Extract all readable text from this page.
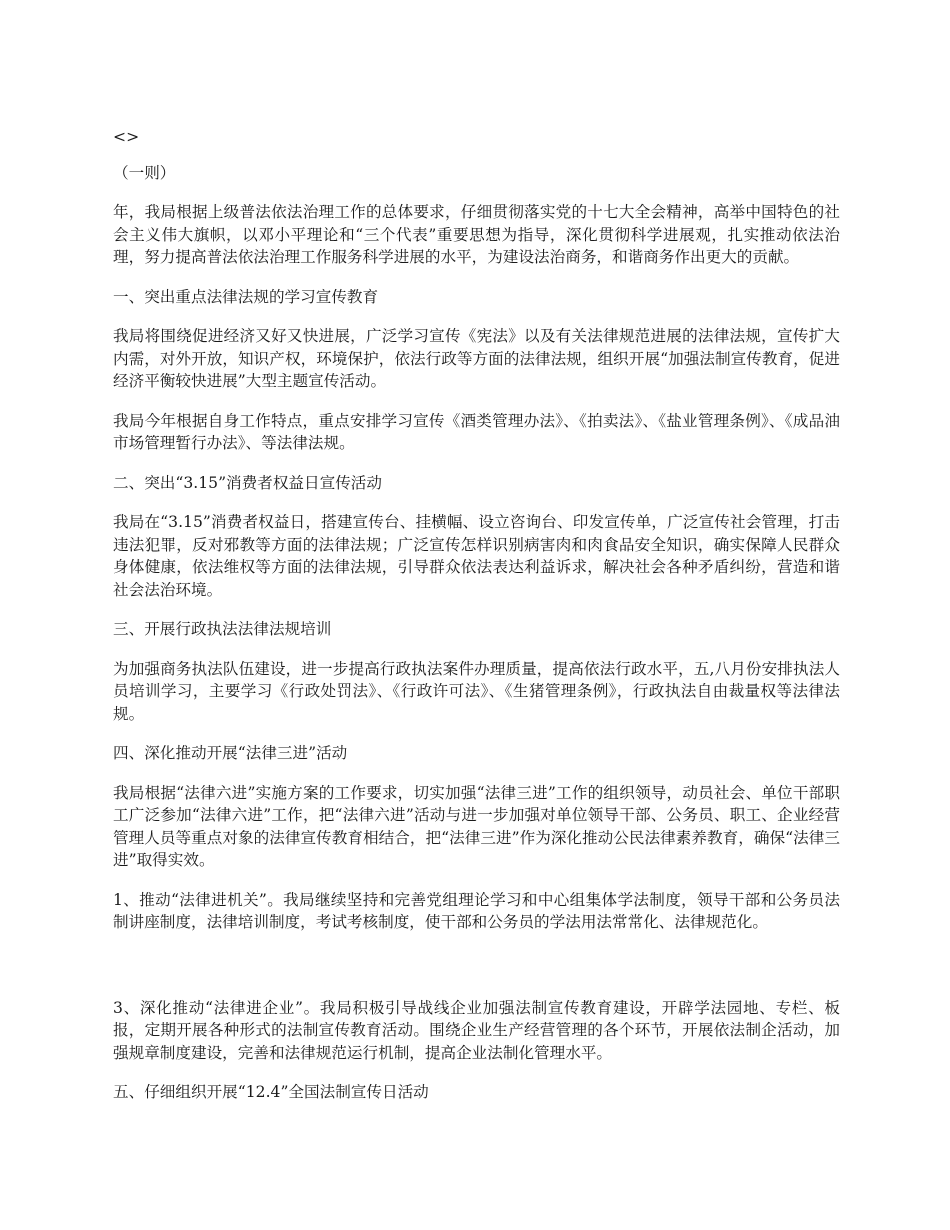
<>

（一则）

年，我局根据上级普法依法治理工作的总体要求，仔细贯彻落实党的十七大全会精神，高举中国特色的社会主义伟大旗帜，以邓小平理论和“三个代表”重要思想为指导，深化贯彻科学进展观，扎实推动依法治理，努力提高普法依法治理工作服务科学进展的水平，为建设法治商务，和谐商务作出更大的贡献。

一、突出重点法律法规的学习宣传教育

我局将围绕促进经济又好又快进展，广泛学习宣传《宪法》以及有关法律规范进展的法律法规，宣传扩大内需，对外开放，知识产权，环境保护，依法行政等方面的法律法规，组织开展“加强法制宣传教育，促进经济平衡较快进展”大型主题宣传活动。

我局今年根据自身工作特点，重点安排学习宣传《酒类管理办法》、《拍卖法》、《盐业管理条例》、《成品油市场管理暂行办法》、等法律法规。

二、突出“3.15”消费者权益日宣传活动

我局在“3.15”消费者权益日，搭建宣传台、挂横幅、设立咨询台、印发宣传单，广泛宣传社会管理，打击违法犯罪，反对邪教等方面的法律法规；广泛宣传怎样识别病害肉和肉食品安全知识，确实保障人民群众身体健康，依法维权等方面的法律法规，引导群众依法表达利益诉求，解决社会各种矛盾纠纷，营造和谐社会法治环境。

三、开展行政执法法律法规培训

为加强商务执法队伍建设，进一步提高行政执法案件办理质量，提高依法行政水平，五,八月份安排执法人员培训学习，主要学习《行政处罚法》、《行政许可法》、《生猪管理条例》，行政执法自由裁量权等法律法规。

四、深化推动开展“法律三进”活动

我局根据“法律六进”实施方案的工作要求，切实加强“法律三进”工作的组织领导，动员社会、单位干部职工广泛参加“法律六进”工作，把“法律六进”活动与进一步加强对单位领导干部、公务员、职工、企业经营管理人员等重点对象的法律宣传教育相结合，把“法律三进”作为深化推动公民法律素养教育，确保“法律三进”取得实效。

1、推动“法律进机关”。我局继续坚持和完善党组理论学习和中心组集体学法制度，领导干部和公务员法制讲座制度，法律培训制度，考试考核制度，使干部和公务员的学法用法常常化、法律规范化。

3、深化推动“法律进企业”。我局积极引导战线企业加强法制宣传教育建设，开辟学法园地、专栏、板报，定期开展各种形式的法制宣传教育活动。围绕企业生产经营管理的各个环节，开展依法制企活动，加强规章制度建设，完善和法律规范运行机制，提高企业法制化管理水平。

五、仔细组织开展“12.4”全国法制宣传日活动
